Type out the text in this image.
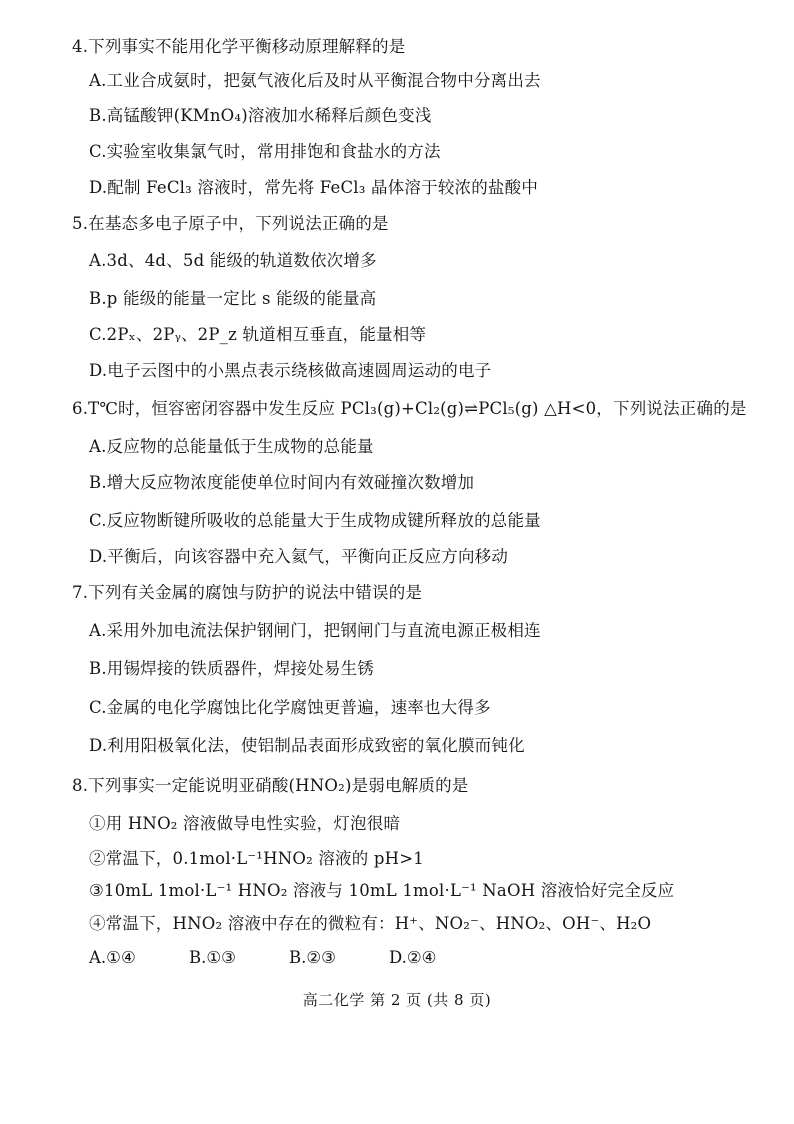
4.下列事实不能用化学平衡移动原理解释的是
A.工业合成氨时，把氨气液化后及时从平衡混合物中分离出去
B.高锰酸钾(KMnO₄)溶液加水稀释后颜色变浅
C.实验室收集氯气时，常用排饱和食盐水的方法
D.配制 FeCl₃ 溶液时，常先将 FeCl₃ 晶体溶于较浓的盐酸中
5.在基态多电子原子中，下列说法正确的是
A.3d、4d、5d 能级的轨道数依次增多
B.p 能级的能量一定比 s 能级的能量高
C.2Pₓ、2Pᵧ、2P_z 轨道相互垂直，能量相等
D.电子云图中的小黑点表示绕核做高速圆周运动的电子
6.T℃时，恒容密闭容器中发生反应 PCl₃(g)+Cl₂(g)⇌PCl₅(g) △H<0，下列说法正确的是
A.反应物的总能量低于生成物的总能量
B.增大反应物浓度能使单位时间内有效碰撞次数增加
C.反应物断键所吸收的总能量大于生成物成键所释放的总能量
D.平衡后，向该容器中充入氦气，平衡向正反应方向移动
7.下列有关金属的腐蚀与防护的说法中错误的是
A.采用外加电流法保护钢闸门，把钢闸门与直流电源正极相连
B.用锡焊接的铁质器件，焊接处易生锈
C.金属的电化学腐蚀比化学腐蚀更普遍，速率也大得多
D.利用阳极氧化法，使铝制品表面形成致密的氧化膜而钝化
8.下列事实一定能说明亚硝酸(HNO₂)是弱电解质的是
①用 HNO₂ 溶液做导电性实验，灯泡很暗
②常温下，0.1mol·L⁻¹HNO₂ 溶液的 pH>1
③10mL 1mol·L⁻¹ HNO₂ 溶液与 10mL 1mol·L⁻¹ NaOH 溶液恰好完全反应
④常温下，HNO₂ 溶液中存在的微粒有：H⁺、NO₂⁻、HNO₂、OH⁻、H₂O
A.①④	B.①③	B.②③	D.②④
高二化学 第 2 页 (共 8 页)
